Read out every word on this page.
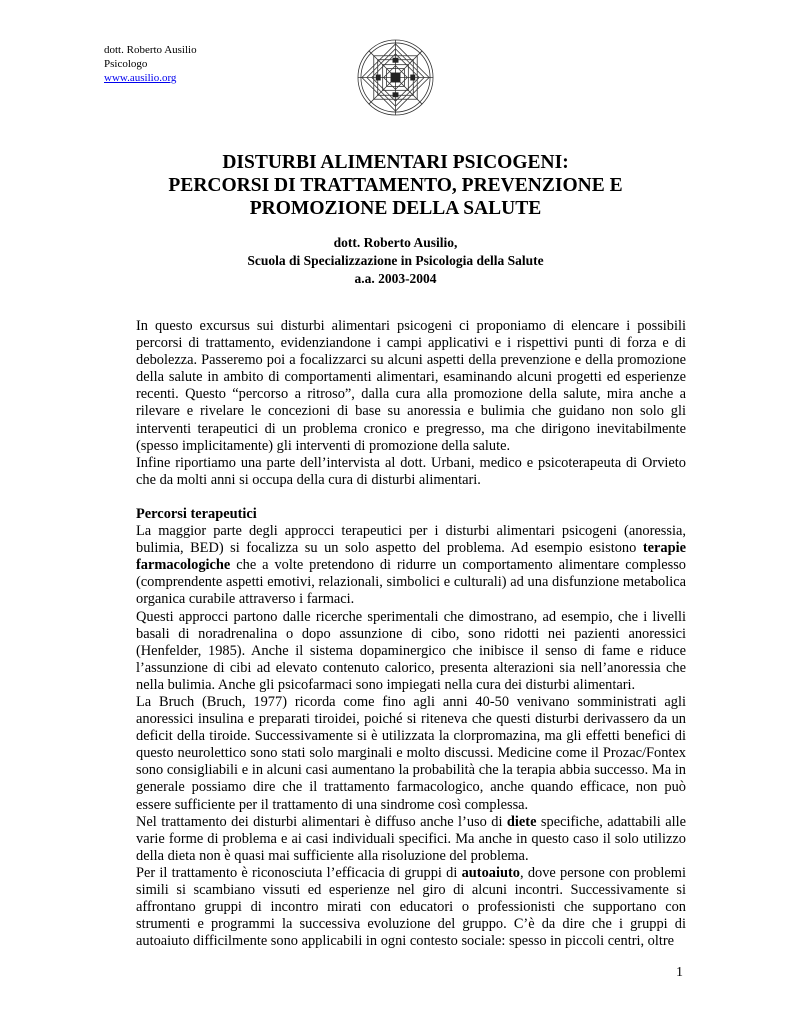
dott. Roberto Ausilio
Psicologo
www.ausilio.org
DISTURBI ALIMENTARI PSICOGENI:
PERCORSI DI TRATTAMENTO, PREVENZIONE E
PROMOZIONE DELLA SALUTE
dott. Roberto Ausilio,
Scuola di Specializzazione in Psicologia della Salute
a.a. 2003-2004

In questo excursus sui disturbi alimentari psicogeni ci proponiamo di elencare i possibili percorsi di trattamento, evidenziandone i campi applicativi e i rispettivi punti di forza e di debolezza. Passeremo poi a focalizzarci su alcuni aspetti della prevenzione e della promozione della salute in ambito di comportamenti alimentari, esaminando alcuni progetti ed esperienze recenti. Questo “percorso a ritroso”, dalla cura alla promozione della salute, mira anche a rilevare e rivelare le concezioni di base su anoressia e bulimia che guidano non solo gli interventi terapeutici di un problema cronico e pregresso, ma che dirigono inevitabilmente (spesso implicitamente) gli interventi di promozione della salute.

Infine riportiamo una parte dell’intervista al dott. Urbani, medico e psicoterapeuta di Orvieto che da molti anni si occupa della cura di disturbi alimentari.

Percorsi terapeutici

La maggior parte degli approcci terapeutici per i disturbi alimentari psicogeni (anoressia, bulimia, BED) si focalizza su un solo aspetto del problema. Ad esempio esistono terapie farmacologiche che a volte pretendono di ridurre un comportamento alimentare complesso (comprendente aspetti emotivi, relazionali, simbolici e culturali) ad una disfunzione metabolica organica curabile attraverso i farmaci.

Questi approcci partono dalle ricerche sperimentali che dimostrano, ad esempio, che i livelli basali di noradrenalina o dopo assunzione di cibo, sono ridotti nei pazienti anoressici (Henfelder, 1985). Anche il sistema dopaminergico che inibisce il senso di fame e riduce l’assunzione di cibi ad elevato contenuto calorico, presenta alterazioni sia nell’anoressia che nella bulimia. Anche gli psicofarmaci sono impiegati nella cura dei disturbi alimentari.

La Bruch (Bruch, 1977) ricorda come fino agli anni 40-50 venivano somministrati agli anoressici insulina e preparati tiroidei, poiché si riteneva che questi disturbi derivassero da un deficit della tiroide. Successivamente si è utilizzata la clorpromazina, ma gli effetti benefici di questo neurolettico sono stati solo marginali e molto discussi. Medicine come il Prozac/Fontex sono consigliabili e in alcuni casi aumentano la probabilità che la terapia abbia successo. Ma in generale possiamo dire che il trattamento farmacologico, anche quando efficace, non può essere sufficiente per il trattamento di una sindrome così complessa.

Nel trattamento dei disturbi alimentari è diffuso anche l’uso di diete specifiche, adattabili alle varie forme di problema e ai casi individuali specifici. Ma anche in questo caso il solo utilizzo della dieta non è quasi mai sufficiente alla risoluzione del problema.

Per il trattamento è riconosciuta l’efficacia di gruppi di autoaiuto, dove persone con problemi simili si scambiano vissuti ed esperienze nel giro di alcuni incontri. Successivamente si affrontano gruppi di incontro mirati con educatori o professionisti che supportano con strumenti e programmi la successiva evoluzione del gruppo. C’è da dire che i gruppi di autoaiuto difficilmente sono applicabili in ogni contesto sociale: spesso in piccoli centri, oltre

1
